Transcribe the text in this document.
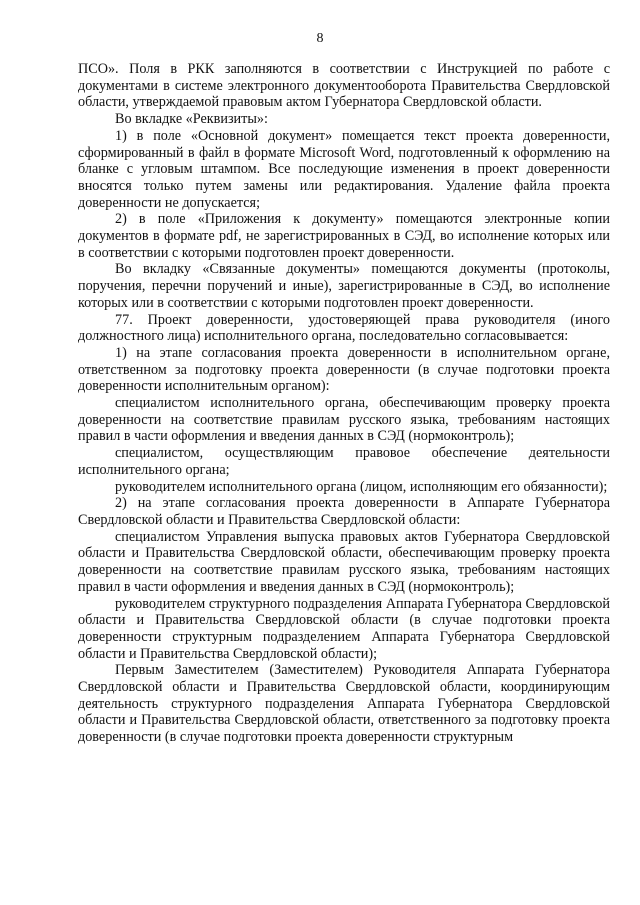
8

ПСО». Поля в РКК заполняются в соответствии с Инструкцией по работе с документами в системе электронного документооборота Правительства Свердловской области, утверждаемой правовым актом Губернатора Свердловской области.

Во вкладке «Реквизиты»:

1) в поле «Основной документ» помещается текст проекта доверенности, сформированный в файл в формате Microsoft Word, подготовленный к оформлению на бланке с угловым штампом. Все последующие изменения в проект доверенности вносятся только путем замены или редактирования. Удаление файла проекта доверенности не допускается;

2) в поле «Приложения к документу» помещаются электронные копии документов в формате pdf, не зарегистрированных в СЭД, во исполнение которых или в соответствии с которыми подготовлен проект доверенности.

Во вкладку «Связанные документы» помещаются документы (протоколы, поручения, перечни поручений и иные), зарегистрированные в СЭД, во исполнение которых или в соответствии с которыми подготовлен проект доверенности.

77. Проект доверенности, удостоверяющей права руководителя (иного должностного лица) исполнительного органа, последовательно согласовывается:

1) на этапе согласования проекта доверенности в исполнительном органе, ответственном за подготовку проекта доверенности (в случае подготовки проекта доверенности исполнительным органом):

специалистом исполнительного органа, обеспечивающим проверку проекта доверенности на соответствие правилам русского языка, требованиям настоящих правил в части оформления и введения данных в СЭД (нормоконтроль);

специалистом, осуществляющим правовое обеспечение деятельности исполнительного органа;

руководителем исполнительного органа (лицом, исполняющим его обязанности);

2) на этапе согласования проекта доверенности в Аппарате Губернатора Свердловской области и Правительства Свердловской области:

специалистом Управления выпуска правовых актов Губернатора Свердловской области и Правительства Свердловской области, обеспечивающим проверку проекта доверенности на соответствие правилам русского языка, требованиям настоящих правил в части оформления и введения данных в СЭД (нормоконтроль);

руководителем структурного подразделения Аппарата Губернатора Свердловской области и Правительства Свердловской области (в случае подготовки проекта доверенности структурным подразделением Аппарата Губернатора Свердловской области и Правительства Свердловской области);

Первым Заместителем (Заместителем) Руководителя Аппарата Губернатора Свердловской области и Правительства Свердловской области, координирующим деятельность структурного подразделения Аппарата Губернатора Свердловской области и Правительства Свердловской области, ответственного за подготовку проекта доверенности (в случае подготовки проекта доверенности структурным
